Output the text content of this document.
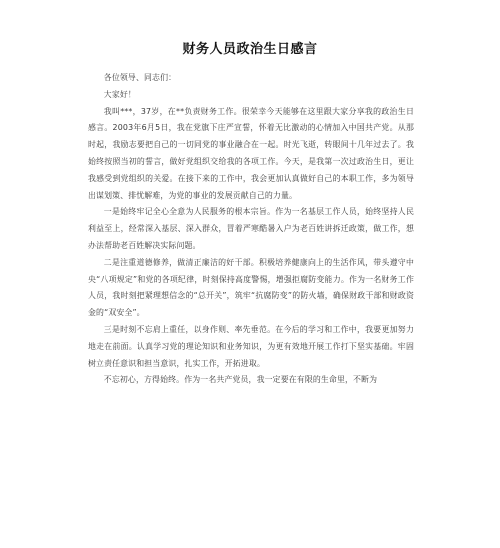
财务人员政治生日感言

各位领导、同志们：

大家好！

我叫***，37岁，在**负责财务工作。很荣幸今天能够在这里跟大家分享我的政治生日感言。2003年6月5日，我在党旗下庄严宣誓，怀着无比激动的心情加入中国共产党。从那时起，我励志要把自己的一切同党的事业融合在一起。时光飞逝，转眼间十几年过去了。我始终按照当初的誓言，做好党组织交给我的各项工作。今天，是我第一次过政治生日，更让我感受到党组织的关爱。在接下来的工作中，我会更加认真做好自己的本职工作，多为领导出谋划策、排忧解难，为党的事业的发展贡献自己的力量。

一是始终牢记全心全意为人民服务的根本宗旨。作为一名基层工作人员，始终坚持人民利益至上，经常深入基层、深入群众，冒着严寒酷暑入户为老百姓讲拆迁政策，做工作，想办法帮助老百姓解决实际问题。

二是注重道德修养，做清正廉洁的好干部。积极培养健康向上的生活作风，带头遵守中央“八项规定”和党的各项纪律，时刻保持高度警惕，增强拒腐防变能力。作为一名财务工作人员，我时刻把紧理想信念的“总开关”，筑牢“抗腐防变”的防火墙，确保财政干部和财政资金的“双安全”。

三是时刻不忘肩上重任，以身作则、率先垂范。在今后的学习和工作中，我要更加努力地走在前面。认真学习党的理论知识和业务知识，为更有效地开展工作打下坚实基础。牢固树立责任意识和担当意识，扎实工作，开拓进取。

不忘初心，方得始终。作为一名共产党员，我一定要在有限的生命里，不断为
